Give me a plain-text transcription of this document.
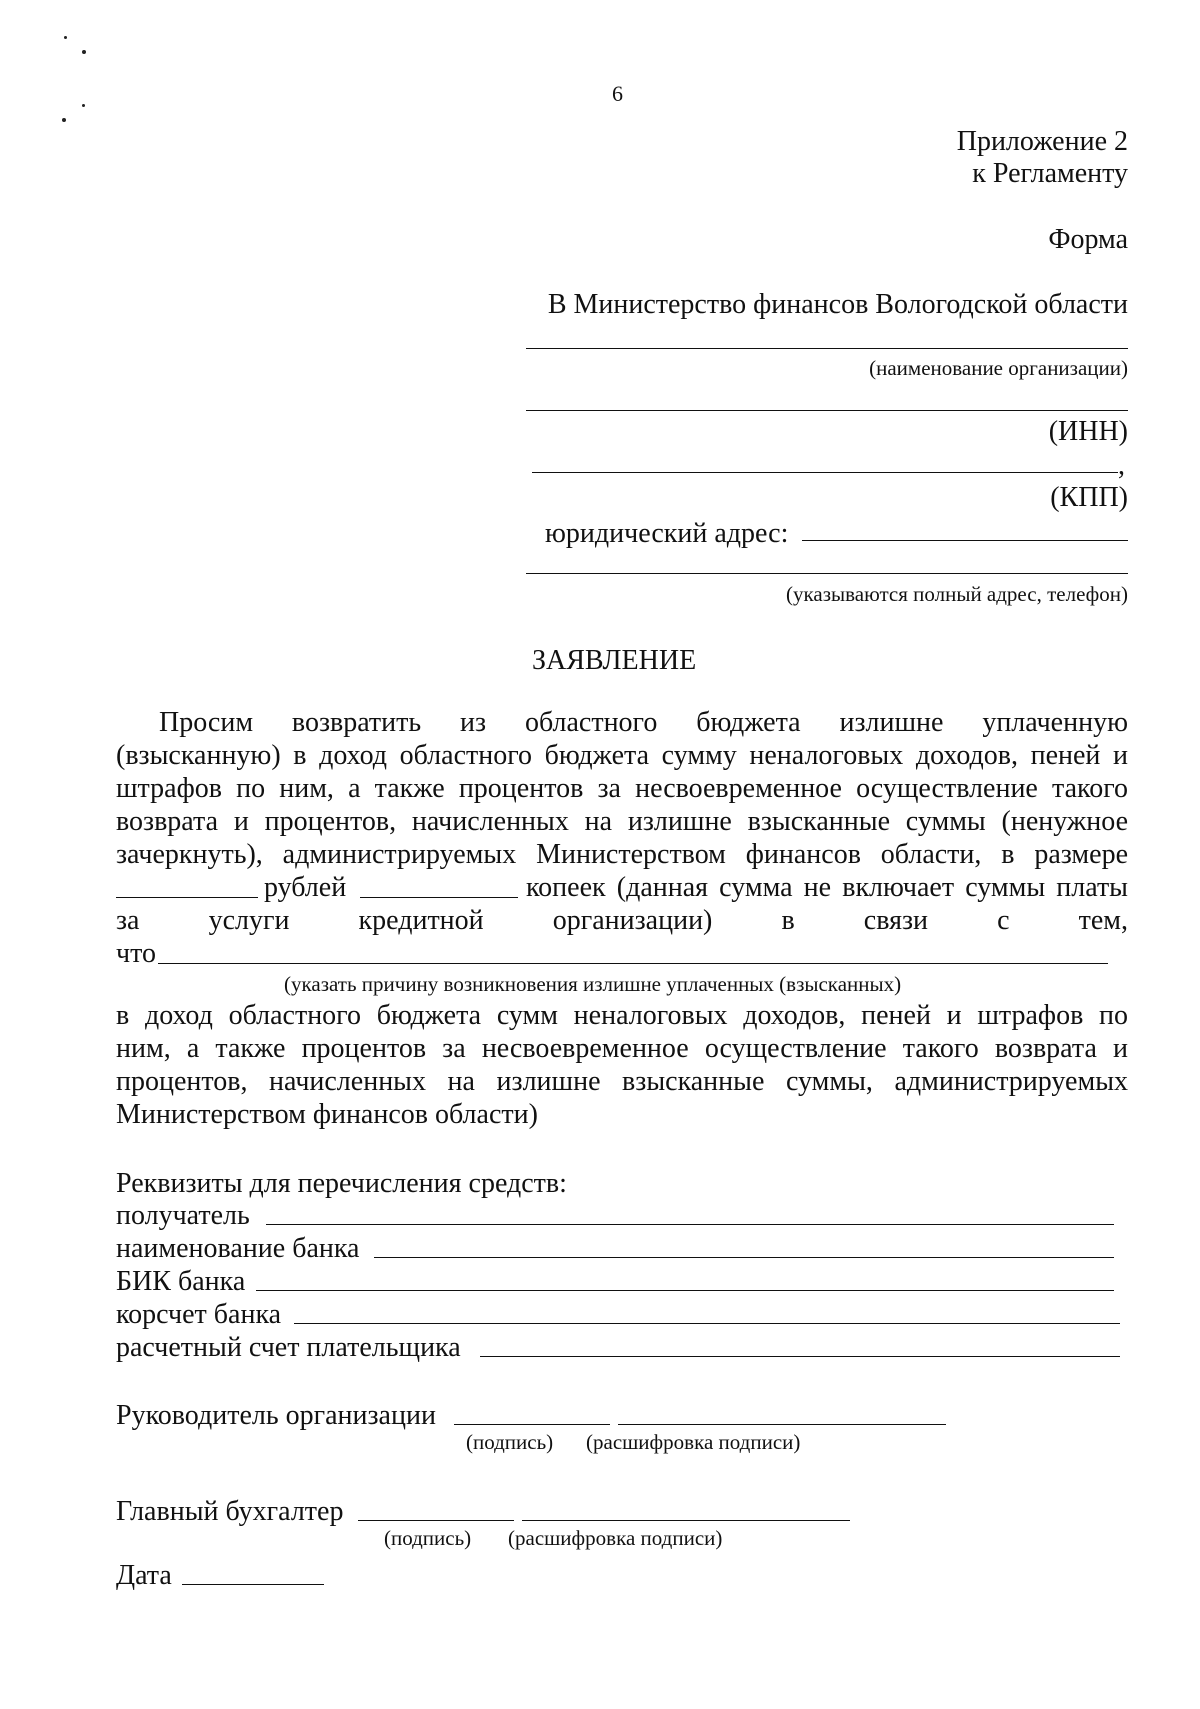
6
Приложение 2
к Регламенту
Форма
В Министерство финансов Вологодской области
(наименование организации)
(ИНН)
,
(КПП)
юридический адрес:
(указываются полный адрес, телефон)
ЗАЯВЛЕНИЕ
Просим возвратить из областного бюджета излишне уплаченную
(взысканную) в доход областного бюджета сумму неналоговых доходов, пеней и
штрафов по ним, а также процентов за несвоевременное осуществление такого
возврата и процентов, начисленных на излишне взысканные суммы (ненужное
зачеркнуть), администрируемых Министерством финансов области, в размере
рублей	копеек (данная сумма не включает суммы платы
за услуги кредитной организации) в связи с тем,
что
(указать причину возникновения излишне уплаченных (взысканных)
в доход областного бюджета сумм неналоговых доходов, пеней и штрафов по
ним, а также процентов за несвоевременное осуществление такого возврата и
процентов, начисленных на излишне взысканные суммы, администрируемых
Министерством финансов области)
Реквизиты для перечисления средств:
получатель
наименование банка
БИК банка
корсчет банка
расчетный счет плательщика
Руководитель организации
(подпись) (расшифровка подписи)
Главный бухгалтер
(подпись) (расшифровка подписи)
Дата
